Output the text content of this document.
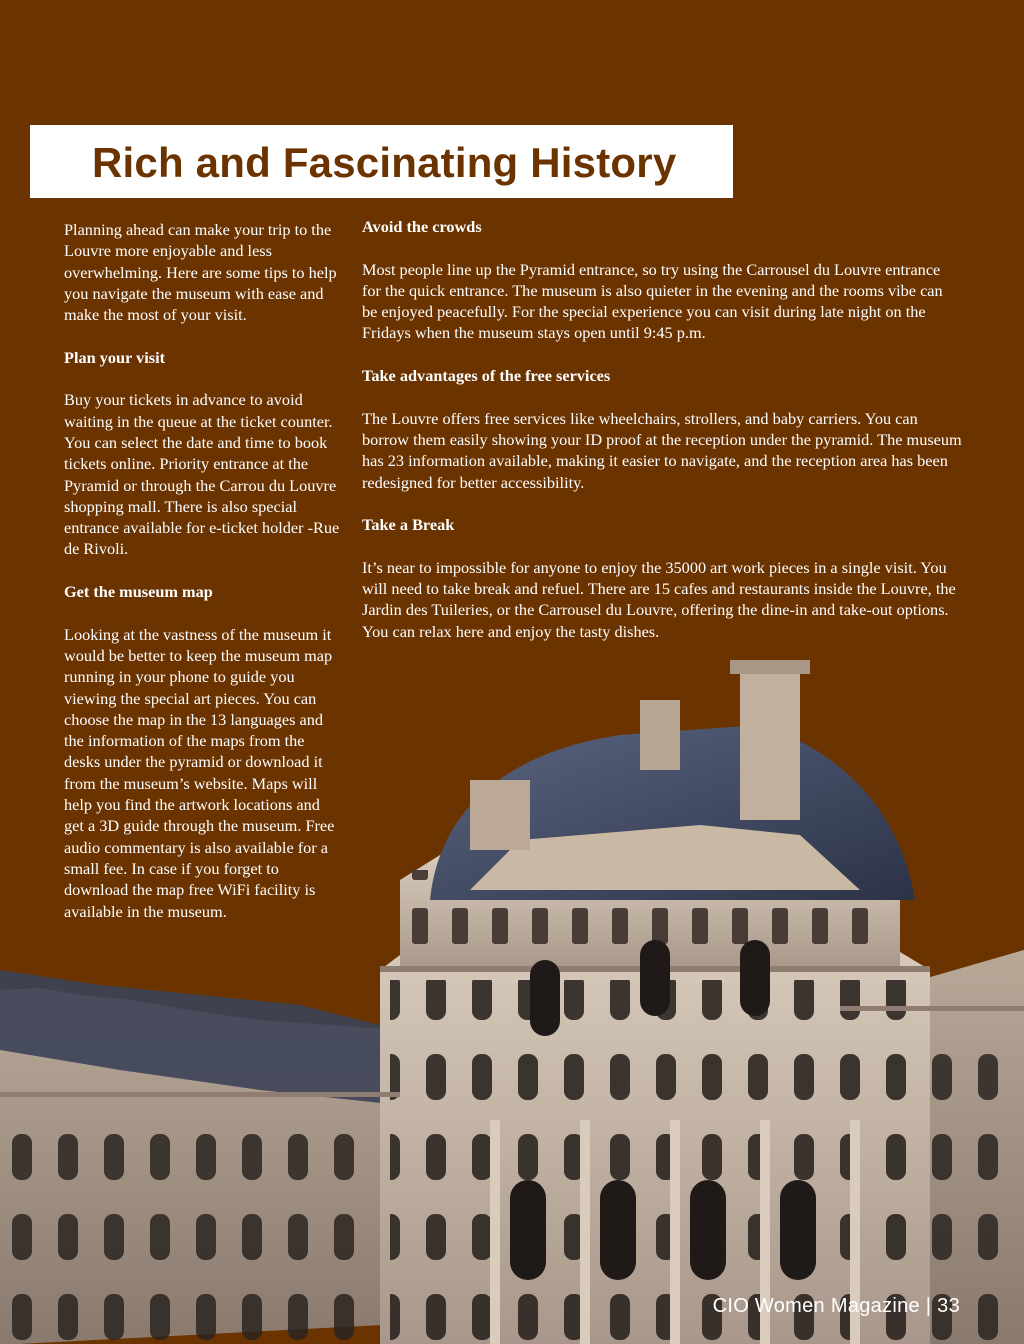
Rich and Fascinating History

Planning ahead can make your trip to the Louvre more enjoyable and less overwhelming. Here are some tips to help you navigate the museum with ease and make the most of your visit.

Plan your visit

Buy your tickets in advance to avoid waiting in the queue at the ticket counter. You can select the date and time to book tickets online. Priority entrance at the Pyramid or through the Carrou du Louvre shopping mall. There is also special entrance available for e-ticket holder -Rue de Rivoli.

Get the museum map

Looking at the vastness of the museum it would be better to keep the museum map running in your phone to guide you viewing the special art pieces. You can choose the map in the 13 languages and the information of the maps from the desks under the pyramid or download it from the museum’s website. Maps will help you find the artwork locations and get a 3D guide through the museum. Free audio commentary is also available for a small fee. In case if you forget to download the map free WiFi facility is available in the museum.

Avoid the crowds

Most people line up the Pyramid entrance, so try using the Carrousel du Louvre entrance for the quick entrance. The museum is also quieter in the evening and the rooms vibe can be enjoyed peacefully. For the special experience you can visit during late night on the Fridays when the museum stays open until 9:45 p.m.

Take advantages of the free services

The Louvre offers free services like wheelchairs, strollers, and baby carriers. You can borrow them easily showing your ID proof at the reception under the pyramid. The museum has 23 information available, making it easier to navigate, and the reception area has been redesigned for better accessibility.

Take a Break

It’s near to impossible for anyone to enjoy the 35000 art work pieces in a single visit. You will need to take break and refuel. There are 15 cafes and restaurants inside the Louvre, the Jardin des Tuileries, or the Carrousel du Louvre, offering the dine-in and take-out options. You can relax here and enjoy the tasty dishes.

CIO Women Magazine | 33
